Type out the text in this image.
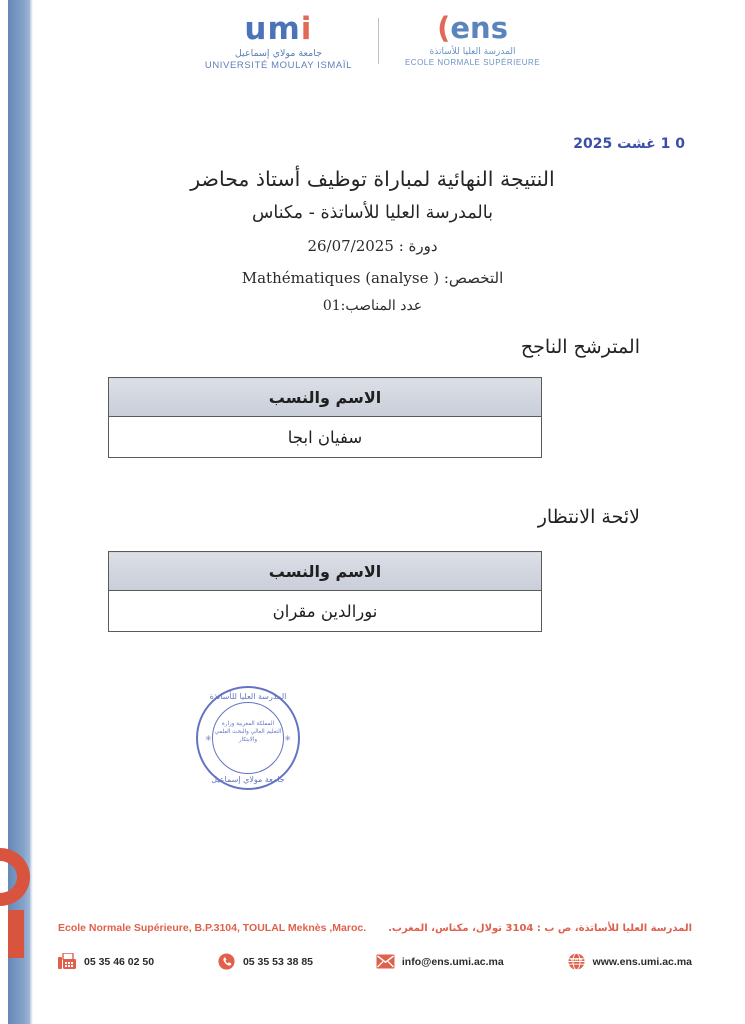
umi
جامعة مولاي إسماعيل
UNIVERSITÉ MOULAY ISMAÏL
(ens
المدرسة العليا للأساتذة
ECOLE NORMALE SUPÉRIEURE
0 1 غشت 2025
النتيجة النهائية لمباراة توظيف أستاذ محاضر
بالمدرسة العليا للأساتذة - مكناس
دورة : 26/07/2025
التخصص: Mathématiques (analyse )
عدد المناصب:01
المترشح الناجح
الاسم والنسب
سفيان ابجا
لائحة الانتظار
الاسم والنسب
نورالدين مقران
المدرسة العليا للأساتذة
المملكة المغربية وزارة التعليم العالي والبحث العلمي والابتكار
✳	✳
جامعة مولاي إسماعيل
Ecole Normale Supérieure, B.P.3104, TOULAL Meknès ,Maroc. المدرسة العليا للأساتذة، ص ب : 3104 تولال، مكناس، المغرب.
05 35 46 02 50	05 35 53 38 85	info@ens.umi.ac.ma	www www.ens.umi.ac.ma
